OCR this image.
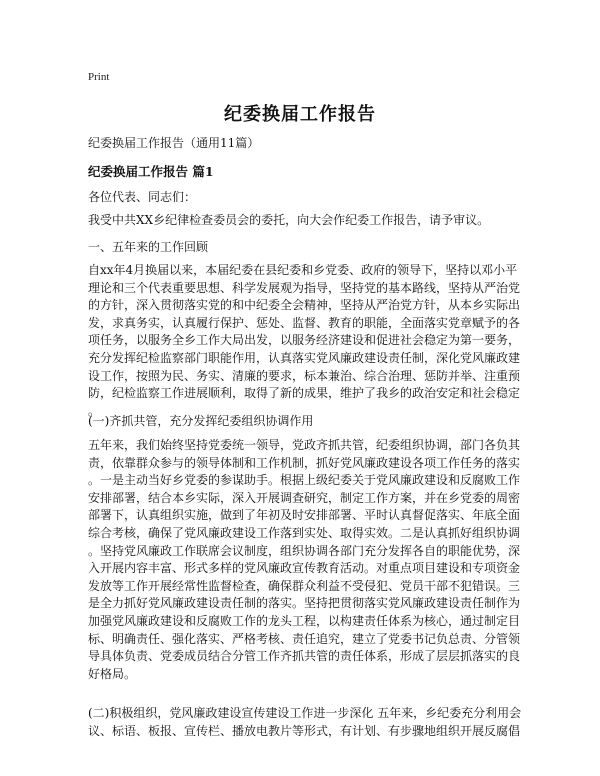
Print
纪委换届工作报告
纪委换届工作报告（通用11篇）
纪委换届工作报告 篇1
各位代表、同志们：
我受中共XX乡纪律检查委员会的委托，向大会作纪委工作报告，请予审议。
一、五年来的工作回顾
自xx年4月换届以来，本届纪委在县纪委和乡党委、政府的领导下，坚持以邓小平
理论和三个代表重要思想、科学发展观为指导，坚持党的基本路线，坚持从严治党
的方针，深入贯彻落实党的和中纪委全会精神，坚持从严治党方针，从本乡实际出
发，求真务实，认真履行保护、惩处、监督、教育的职能，全面落实党章赋予的各
项任务，以服务全乡工作大局出发，以服务经济建设和促进社会稳定为第一要务，
充分发挥纪检监察部门职能作用，认真落实党风廉政建设责任制，深化党风廉政建
设工作，按照为民、务实、清廉的要求，标本兼治、综合治理、惩防并举、注重预
防，纪检监察工作进展顺利，取得了新的成果，维护了我乡的政治安定和社会稳定
。
(一)齐抓共管，充分发挥纪委组织协调作用
五年来，我们始终坚持党委统一领导，党政齐抓共管，纪委组织协调，部门各负其
责，依靠群众参与的领导体制和工作机制，抓好党风廉政建设各项工作任务的落实
。一是主动当好乡党委的参谋助手。根据上级纪委关于党风廉政建设和反腐败工作
安排部署，结合本乡实际，深入开展调查研究，制定工作方案，并在乡党委的周密
部署下，认真组织实施，做到了年初及时安排部署、平时认真督促落实、年底全面
综合考核，确保了党风廉政建设工作落到实处、取得实效。二是认真抓好组织协调
。坚持党风廉政工作联席会议制度，组织协调各部门充分发挥各自的职能优势，深
入开展内容丰富、形式多样的党风廉政宣传教育活动。对重点项目建设和专项资金
发放等工作开展经常性监督检查，确保群众利益不受侵犯、党员干部不犯错误。三
是全力抓好党风廉政建设责任制的落实。坚持把贯彻落实党风廉政建设责任制作为
加强党风廉政建设和反腐败工作的龙头工程，以构建责任体系为核心，通过制定目
标、明确责任、强化落实、严格考核、责任追究，建立了党委书记负总责、分管领
导具体负责、党委成员结合分管工作齐抓共管的责任体系，形成了层层抓落实的良
好格局。
(二)积极组织，党风廉政建设宣传建设工作进一步深化 五年来，乡纪委充分利用会
议、标语、板报、宣传栏、播放电教片等形式，有计划、有步骤地组织开展反腐倡
